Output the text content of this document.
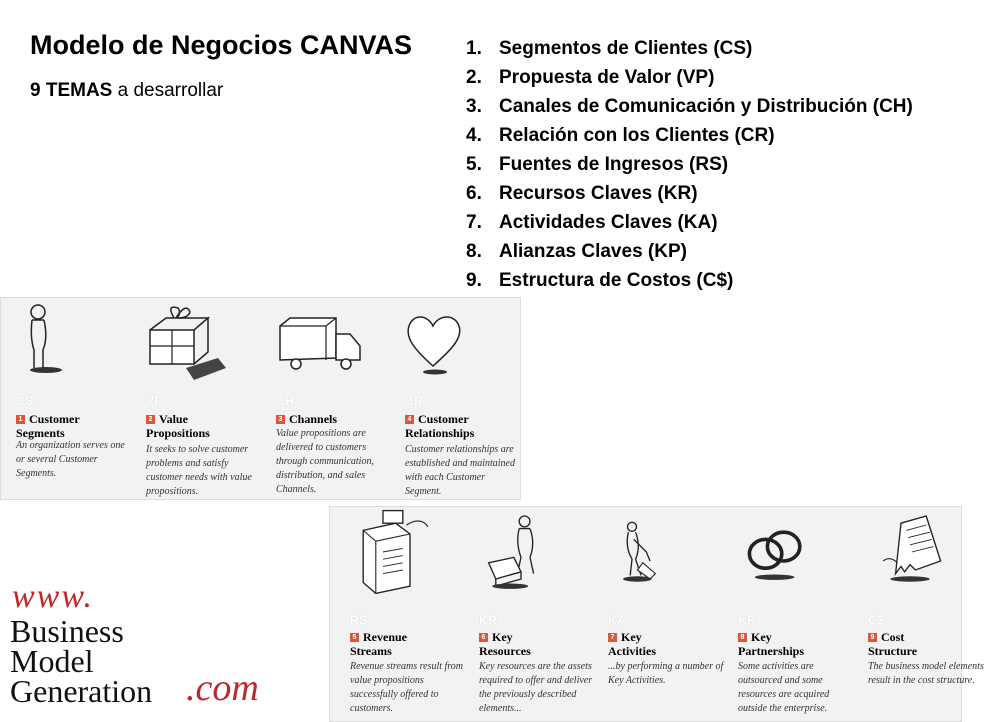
Modelo de Negocios CANVAS
9 TEMAS a desarrollar
1. Segmentos de Clientes (CS)
2. Propuesta de Valor (VP)
3. Canales de Comunicación y Distribución (CH)
4. Relación con los Clientes (CR)
5. Fuentes de Ingresos (RS)
6. Recursos Claves (KR)
7. Actividades Claves (KA)
8. Alianzas Claves (KP)
9. Estructura de Costos (C$)
CS
1 Customer
Segments
An organization serves one or several Customer Segments.
VP
2 Value
Propositions
It seeks to solve customer problems and satisfy customer needs with value propositions.
CH
3 Channels
Value propositions are delivered to customers through communication, distribution, and sales Channels.
CR
4 Customer
Relationships
Customer relationships are established and maintained with each Customer Segment.
RS
5 Revenue
Streams
Revenue streams result from value propositions successfully offered to customers.
KR
6 Key
Resources
Key resources are the assets required to offer and deliver the previously described elements...
KA
7 Key
Activities
...by performing a number of Key Activities.
KP
8 Key
Partnerships
Some activities are outsourced and some resources are acquired outside the enterprise.
C$
9 Cost
Structure
The business model elements result in the cost structure.
www.
Business
Model
Generation .com
